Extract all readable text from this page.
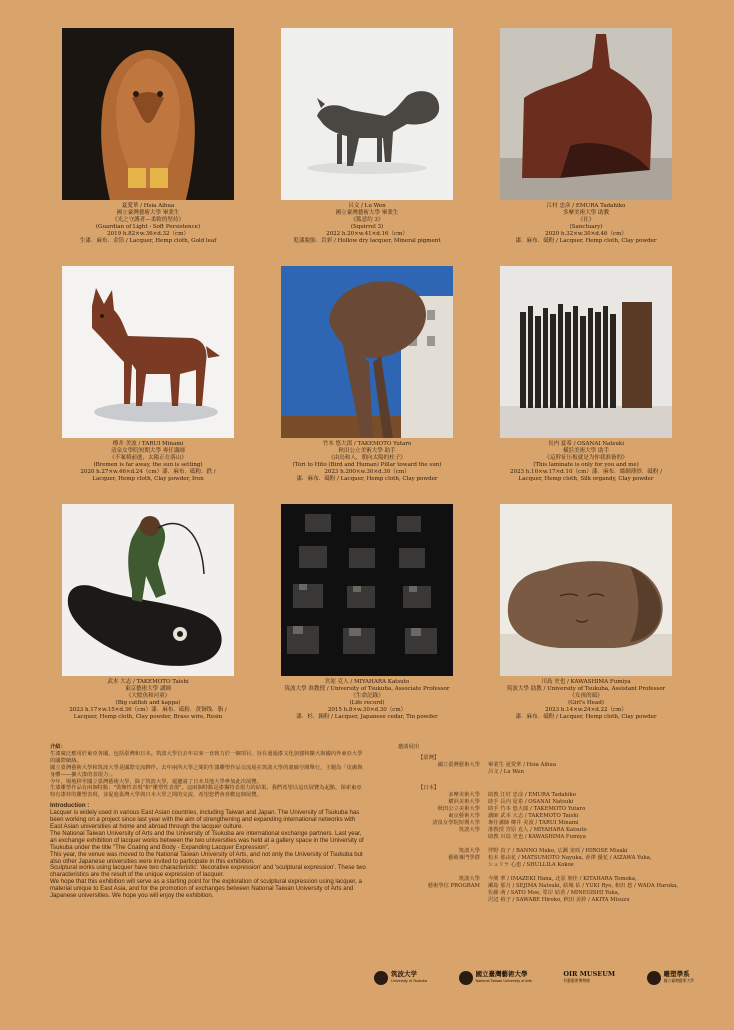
夏愛華 / Hsia Aihua
國立臺灣藝術大學 畢業生
《光之守護者—柔軟的堅持》
(Guardian of Light - Soft Persistence)
2019 h.82×w.36×d.32（cm）
生漆．麻布．金箔 / Lacquer, Hemp cloth, Gold leaf
呂文 / Lu Wen
國立臺灣藝術大學 畢業生
《狐意約 3》
(Squirrel 3)
2022 h.20×w.41×d.16（cm）
乾漆脫胎．岩彩 / Hollow dry lacquer, Mineral pigment
江村 忠彦 / EMURA Tadahiko
多摩美術大學 助教
《社》
(Sanctuary)
2020 h.32×w.30×d.46（cm）
漆．麻布．砥粉 / Lacquer, Hemp cloth, Clay powder
樽井 美波 / TARUI Minami
清泉女學院短期大學 專任講師
《不案椅前進，太陽正在落山》
(Bremen is far away, the sun is setting)
2020 h.27×w.46×d.24（cm）漆．麻布．砥粉．鉄 /
Lacquer, Hemp cloth, Clay powder, Iron
竹本 悠大郎 / TAKEMOTO Yutaro
秋田公立美術大學 助手
《由鳥和人，朝向太陽的柱子》
(Tori to Hito (Bird and Human) Pillar toward the sun)
2023 h.200×w.30×d.30（cm）
漆．麻布．砥粉 / Lacquer, Hemp cloth, Clay powder
長内 夏希 / OSANAI Natsuki
横浜美術大學 助手
《這幹征压板就是为你我准备的》
(This laminate is only for you and me)
2023 h.10×w.17×d.10（cm）漆．麻布．絲網薄紗．砥粉 /
Lacquer, Hemp cloth, Silk organdy, Clay powder
武本 大志 / TAKEMOTO Taishi
東京藝術大學 講師
《大鯰魚和河童》
(Big catfish and kappa)
2023 h.17×w.15×d.36（cm）漆．麻布．砥粉．黄铜线．脂 /
Lacquer, Hemp cloth, Clay powder, Brass wire, Resin
宮原 克人 / MIYAHARA Katsuto
筑波大學 准教授 / University of Tsukuba, Associate Professor
《生命記錄》
(Life record)
2015 h.8×w.30×d.30（cm）
漆．杉．錫粉 / Lacquer, Japanese cedar, Tin powder
川島 史也 / KAWASHIMA Fumiya
筑波大學 助教 / University of Tsukuba, Assistant Professor
《女孩的頭》
(Girl's Head)
2023 h.14×w.24×d.22（cm）
漆．麻布．砥粉 / Lacquer, Hemp cloth, Clay powder

介紹：

生漆廣泛應用於東亞各國，包括臺灣和日本。筑波大學自去年以來一直致力於一個項目，旨在通過漆文化加強和擴大與國內外東亞大學的國際網絡。

國立臺灣藝術大學和筑波大學是國際交流夥伴。去年兩所大學之間的生漆雕塑作品交流展在筑波大學的畫廊空間舉行，主題為「皮膚與身體——擴大漆的表現力」。

今年，場地移至國立臺灣藝術大學，除了筑波大學，還邀請了日本其他大學參加此次展覽。

生漆雕塑作品有兩個特點："裝飾性表現"和"雕塑性表現"。這兩個特點是漆獨特表現力的結果。我們希望以這次展覽為起點，探索東亞特有漆材的雕塑表現，並促進臺灣大學與日本大學之間的交流，希望您們會喜歡這個展覽。

Introduction :

Lacquer is widely used in various East Asian countries, including Taiwan and Japan. The University of Tsukuba has been working on a project since last year with the aim of strengthening and expanding international networks with East Asian universities at home and abroad through the lacquer culture.

The National Taiwan University of Arts and the University of Tsukuba are international exchange partners. Last year, an exchange exhibition of lacquer works between the two universities was held at a gallery space in the University of Tsukuba under the title "The Coating and Body - Expanding Lacquer Expression".

This year, the venue was moved to the National Taiwan University of Arts, and not only the University of Tsukuba but also other Japanese universities were invited to participate in this exhibition.

Sculptural works using lacquer have two characteristic: 'decorative expression' and 'sculptural expression'. These two characteristics are the result of the unique expression of lacquer.

We hope that this exhibition will serve as a starting point for the exploration of sculptural expression using lacquer, a material unique to East Asia, and for the promotion of exchanges between National Taiwan University of Arts and Japanese universities. We hope you will enjoy the exhibition.

邀請展出
【臺灣】
國立臺灣藝術大學	畢業生 夏愛華 / Hsia Aihua
呂文 / Lu Wen
【日本】
多摩美術大學	助教 江村 忠彦 / EMURA Tadahiko
横浜美術大學	助手 長内 夏希 / OSANAI Natsuki
秋田公立美術大學	助手 竹本 悠大郎 / TAKEMOTO Yutaro
東京藝術大學	講師 武本 大志 / TAKEMOTO Taishi
清泉女學院短期大學	專任講師 樽井 美波 / TARUI Minami
筑波大學	准教授 宮原 克人 / MIYAHARA Katsuto
助教 川島 史也 / KAWASHIMA Fumiya
筑波大學	伴野 真子 / BANNO Mako, 広瀬 実咲 / HIROSE Misaki
藝術專門學群	松本 那由花 / MATSUMOTO Nayuka, 會澤 優花 / AIZAWA Yuka,
シュリラ 心恵 / SHULLILA Kokoe
筑波大學	今関 華 / IMAZEKI Hana, 北原 朋佳 / KITAHARA Tomoka,
藝術學位 PROGRAM	瀬島 那月 / SEJIMA Natsuki, 結城 佑 / YUKI Ryo, 和田 悠 / WADA Haruka,
佐藤 萌 / SATO Moe, 峯岸 結香 / MINEGISHI Yuka,
沢辺 裕子 / SAWABE Hiroko, 秋田 美鈴 / AKITA Misuzu
筑波大学
University of Tsukuba
國立臺灣藝術大學
National Taiwan University of Arts
OIR MUSEUM
有藝藝術博物館
雕塑學系
國立臺灣藝術大學
